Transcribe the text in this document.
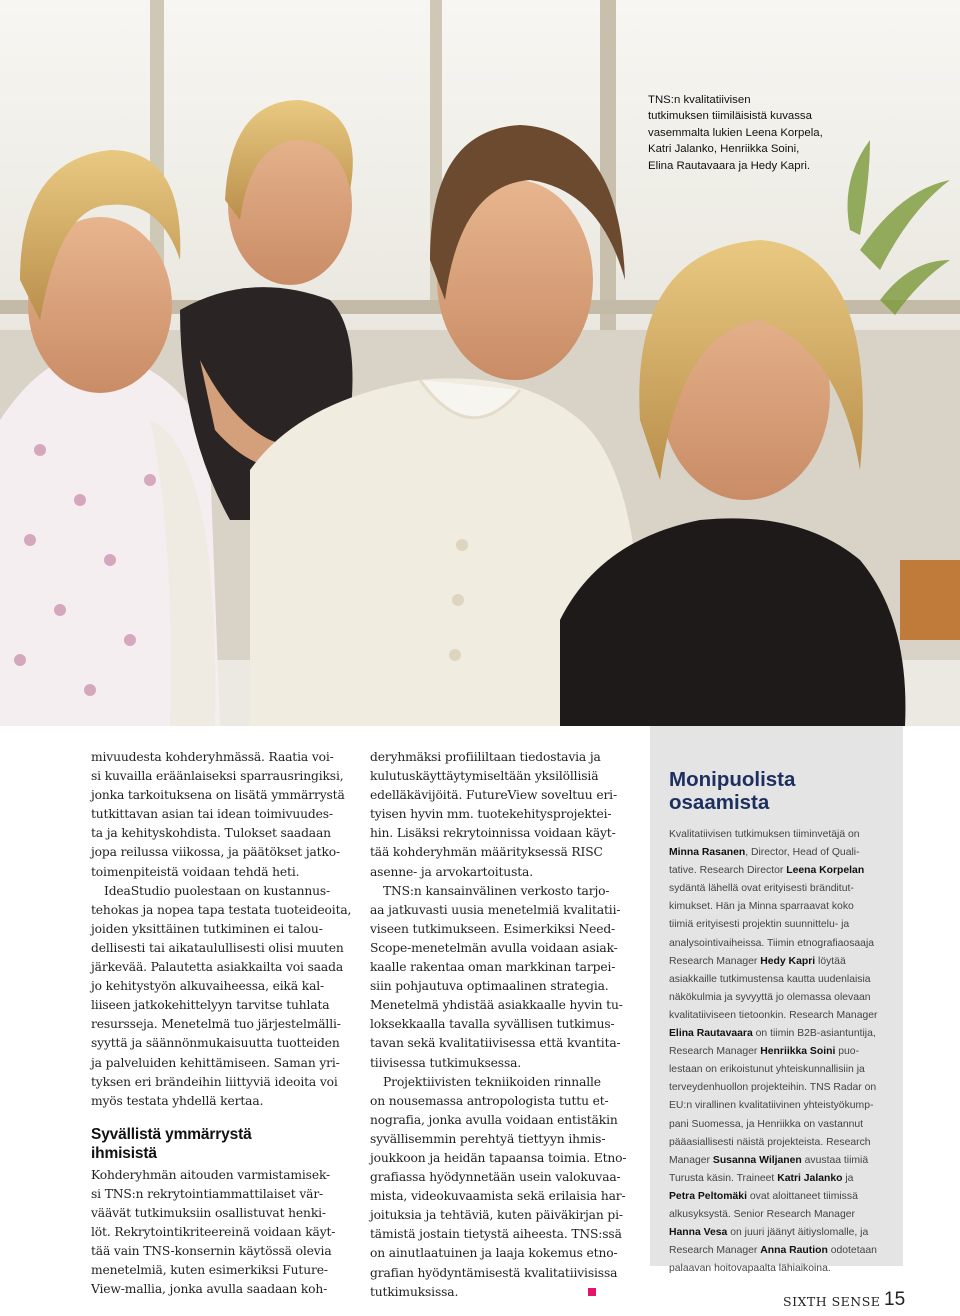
TNS:n kvalitatiivisen
tutkimuksen tiimiläisistä kuvassa
vasemmalta lukien Leena Korpela,
Katri Jalanko, Henriikka Soini,
Elina Rautavaara ja Hedy Kapri.
mivuudesta kohderyhmässä. Raatia voi-
si kuvailla eräänlaiseksi sparrausringiksi,
jonka tarkoituksena on lisätä ymmärrystä
tutkittavan asian tai idean toimivuudes-
ta ja kehityskohdista. Tulokset saadaan
jopa reilussa viikossa, ja päätökset jatko-
toimenpiteistä voidaan tehdä heti.
IdeaStudio puolestaan on kustannus-
tehokas ja nopea tapa testata tuoteideoita,
joiden yksittäinen tutkiminen ei talou-
dellisesti tai aikataulullisesti olisi muuten
järkevää. Palautetta asiakkailta voi saada
jo kehitystyön alkuvaiheessa, eikä kal-
liiseen jatkokehittelyyn tarvitse tuhlata
resursseja. Menetelmä tuo järjestelmälli-
syyttä ja säännönmukaisuutta tuotteiden
ja palveluiden kehittämiseen. Saman yri-
tyksen eri brändeihin liittyviä ideoita voi
myös testata yhdellä kertaa.
Syvällistä ymmärrystä
ihmisistä
Kohderyhmän aitouden varmistamisek-
si TNS:n rekrytointiammattilaiset vär-
väävät tutkimuksiin osallistuvat henki-
löt. Rekrytointikriteereinä voidaan käyt-
tää vain TNS-konsernin käytössä olevia
menetelmiä, kuten esimerkiksi Future-
View-mallia, jonka avulla saadaan koh-
deryhmäksi profiililtaan tiedostavia ja
kulutuskäyttäytymiseltään yksilöllisiä
edelläkävijöitä. FutureView soveltuu eri-
tyisen hyvin mm. tuotekehitysprojektei-
hin. Lisäksi rekrytoinnissa voidaan käyt-
tää kohderyhmän määrityksessä RISC
asenne- ja arvokartoitusta.
TNS:n kansainvälinen verkosto tarjo-
aa jatkuvasti uusia menetelmiä kvalitatii-
viseen tutkimukseen. Esimerkiksi Need-
Scope-menetelmän avulla voidaan asiak-
kaalle rakentaa oman markkinan tarpei-
siin pohjautuva optimaalinen strategia.
Menetelmä yhdistää asiakkaalle hyvin tu-
loksekkaalla tavalla syvällisen tutkimus-
tavan sekä kvalitatiivisessa että kvantita-
tiivisessa tutkimuksessa.
Projektiivisten tekniikoiden rinnalle
on nousemassa antropologista tuttu et-
nografia, jonka avulla voidaan entistäkin
syvällisemmin perehtyä tiettyyn ihmis-
joukkoon ja heidän tapaansa toimia. Etno-
grafiassa hyödynnetään usein valokuvaa-
mista, videokuvaamista sekä erilaisia har-
joituksia ja tehtäviä, kuten päiväkirjan pi-
tämistä jostain tietystä aiheesta. TNS:ssä
on ainutlaatuinen ja laaja kokemus etno-
grafian hyödyntämisestä kvalitatiivisissa
tutkimuksissa.
Monipuolista
osaamista
Kvalitatiivisen tutkimuksen tiiminvetäjä on
Minna Rasanen, Director, Head of Quali-
tative. Research Director Leena Korpelan
sydäntä lähellä ovat erityisesti bränditut-
kimukset. Hän ja Minna sparraavat koko
tiimiä erityisesti projektin suunnittelu- ja
analysointivaiheissa. Tiimin etnografiaosaaja
Research Manager Hedy Kapri löytää
asiakkaille tutkimustensa kautta uudenlaisia
näkökulmia ja syvyyttä jo olemassa olevaan
kvalitatiiviseen tietoonkin. Research Manager
Elina Rautavaara on tiimin B2B-asiantuntija,
Research Manager Henriikka Soini puo-
lestaan on erikoistunut yhteiskunnallisiin ja
terveydenhuollon projekteihin. TNS Radar on
EU:n virallinen kvalitatiivinen yhteistyökump-
pani Suomessa, ja Henriikka on vastannut
pääasiallisesti näistä projekteista. Research
Manager Susanna Wiljanen avustaa tiimiä
Turusta käsin. Traineet Katri Jalanko ja
Petra Peltomäki ovat aloittaneet tiimissä
alkusyksystä. Senior Research Manager
Hanna Vesa on juuri jäänyt äitiyslomalle, ja
Research Manager Anna Raution odotetaan
palaavan hoitovapaalta lähiaikoina.
SIXTH SENSE 15
